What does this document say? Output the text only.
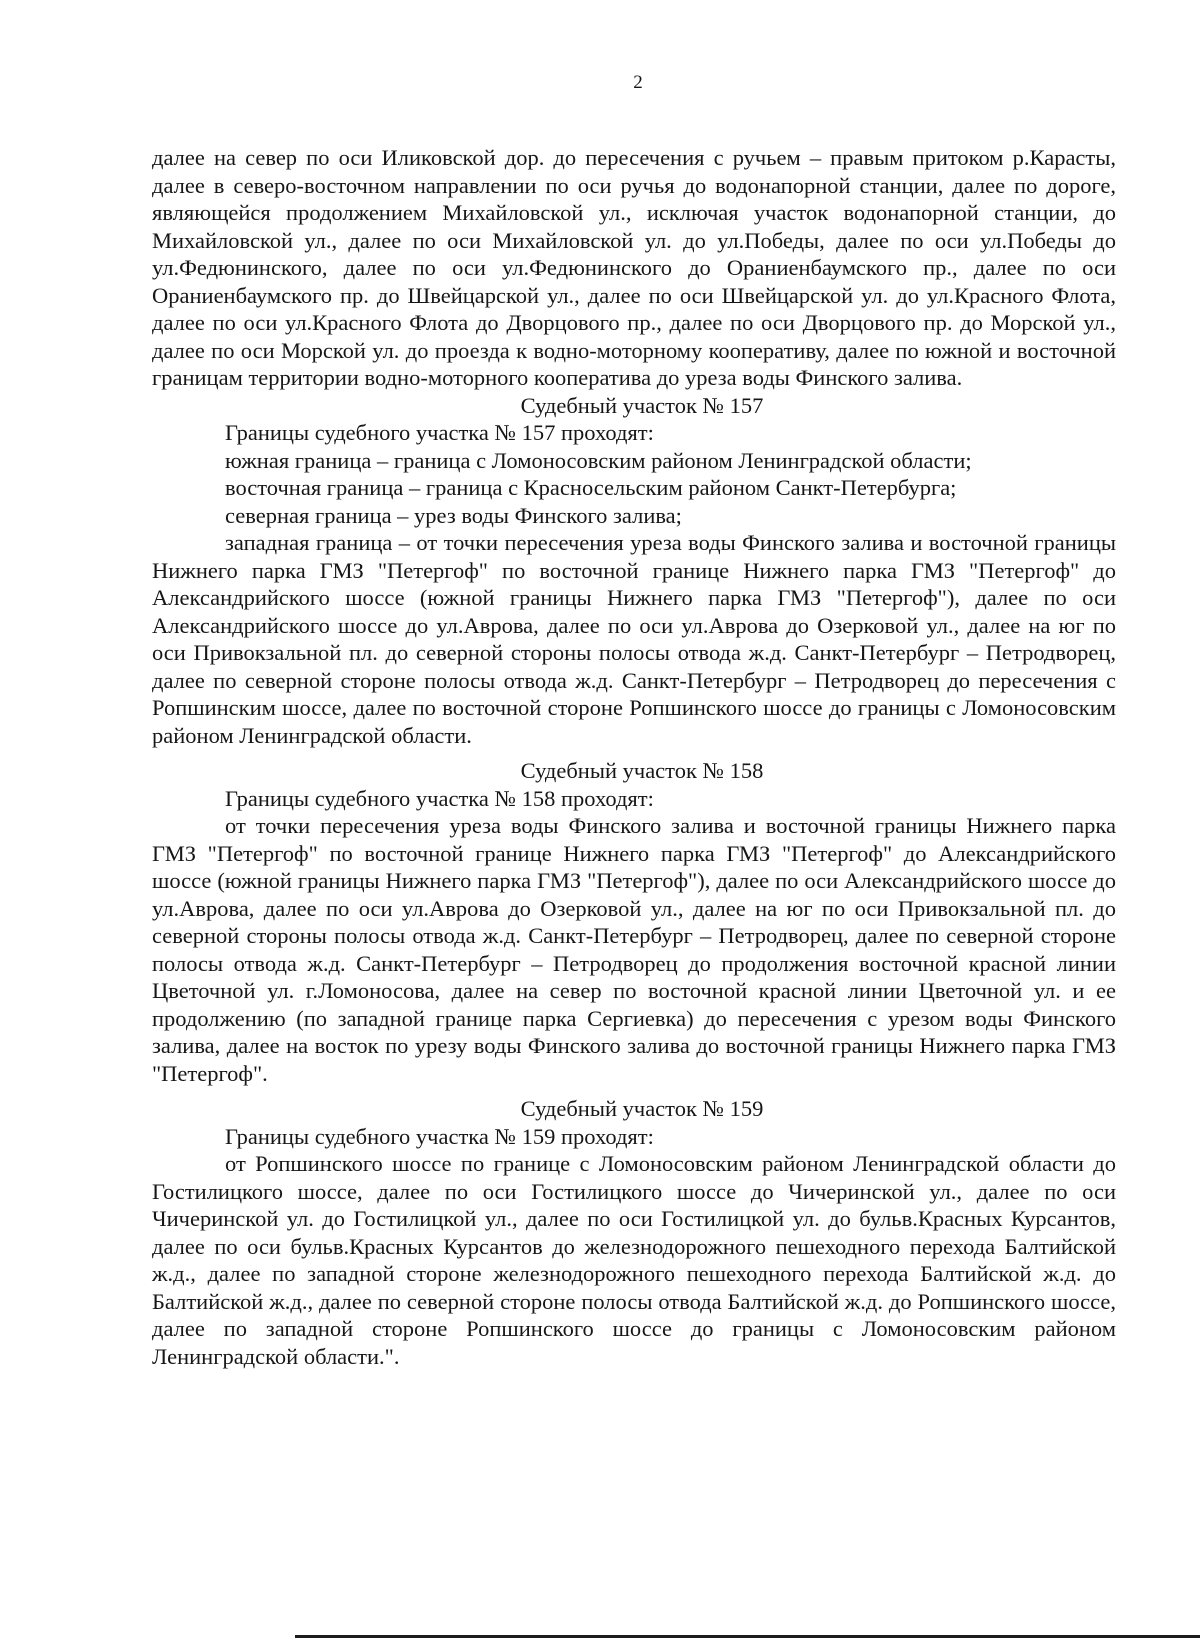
2

далее на север по оси Иликовской дор. до пересечения с ручьем – правым притоком р.Карасты, далее в северо-восточном направлении по оси ручья до водонапорной станции, далее по дороге, являющейся продолжением Михайловской ул., исключая участок водонапорной станции, до Михайловской ул., далее по оси Михайловской ул. до ул.Победы, далее по оси ул.Победы до ул.Федюнинского, далее по оси ул.Федюнинского до Ораниенбаумского пр., далее по оси Ораниенбаумского пр. до Швейцарской ул., далее по оси Швейцарской ул. до ул.Красного Флота, далее по оси ул.Красного Флота до Дворцового пр., далее по оси Дворцового пр. до Морской ул., далее по оси Морской ул. до проезда к водно-моторному кооперативу, далее по южной и восточной границам территории водно-моторного кооператива до уреза воды Финского залива.

Судебный участок № 157

Границы судебного участка № 157 проходят:

южная граница – граница с Ломоносовским районом Ленинградской области;

восточная граница – граница с Красносельским районом Санкт-Петербурга;

северная граница – урез воды Финского залива;

западная граница – от точки пересечения уреза воды Финского залива и восточной границы Нижнего парка ГМЗ "Петергоф" по восточной границе Нижнего парка ГМЗ "Петергоф" до Александрийского шоссе (южной границы Нижнего парка ГМЗ "Петергоф"), далее по оси Александрийского шоссе до ул.Аврова, далее по оси ул.Аврова до Озерковой ул., далее на юг по оси Привокзальной пл. до северной стороны полосы отвода ж.д. Санкт-Петербург – Петродворец, далее по северной стороне полосы отвода ж.д. Санкт-Петербург – Петродворец до пересечения с Ропшинским шоссе, далее по восточной стороне Ропшинского шоссе до границы с Ломоносовским районом Ленинградской области.

Судебный участок № 158

Границы судебного участка № 158 проходят:

от точки пересечения уреза воды Финского залива и восточной границы Нижнего парка ГМЗ "Петергоф" по восточной границе Нижнего парка ГМЗ "Петергоф" до Александрийского шоссе (южной границы Нижнего парка ГМЗ "Петергоф"), далее по оси Александрийского шоссе до ул.Аврова, далее по оси ул.Аврова до Озерковой ул., далее на юг по оси Привокзальной пл. до северной стороны полосы отвода ж.д. Санкт-Петербург – Петродворец, далее по северной стороне полосы отвода ж.д. Санкт-Петербург – Петродворец до продолжения восточной красной линии Цветочной ул. г.Ломоносова, далее на север по восточной красной линии Цветочной ул. и ее продолжению (по западной границе парка Сергиевка) до пересечения с урезом воды Финского залива, далее на восток по урезу воды Финского залива до восточной границы Нижнего парка ГМЗ "Петергоф".

Судебный участок № 159

Границы судебного участка № 159 проходят:

от Ропшинского шоссе по границе с Ломоносовским районом Ленинградской области до Гостилицкого шоссе, далее по оси Гостилицкого шоссе до Чичеринской ул., далее по оси Чичеринской ул. до Гостилицкой ул., далее по оси Гостилицкой ул. до бульв.Красных Курсантов, далее по оси бульв.Красных Курсантов до железнодорожного пешеходного перехода Балтийской ж.д., далее по западной стороне железнодорожного пешеходного перехода Балтийской ж.д. до Балтийской ж.д., далее по северной стороне полосы отвода Балтийской ж.д. до Ропшинского шоссе, далее по западной стороне Ропшинского шоссе до границы с Ломоносовским районом Ленинградской области.".
